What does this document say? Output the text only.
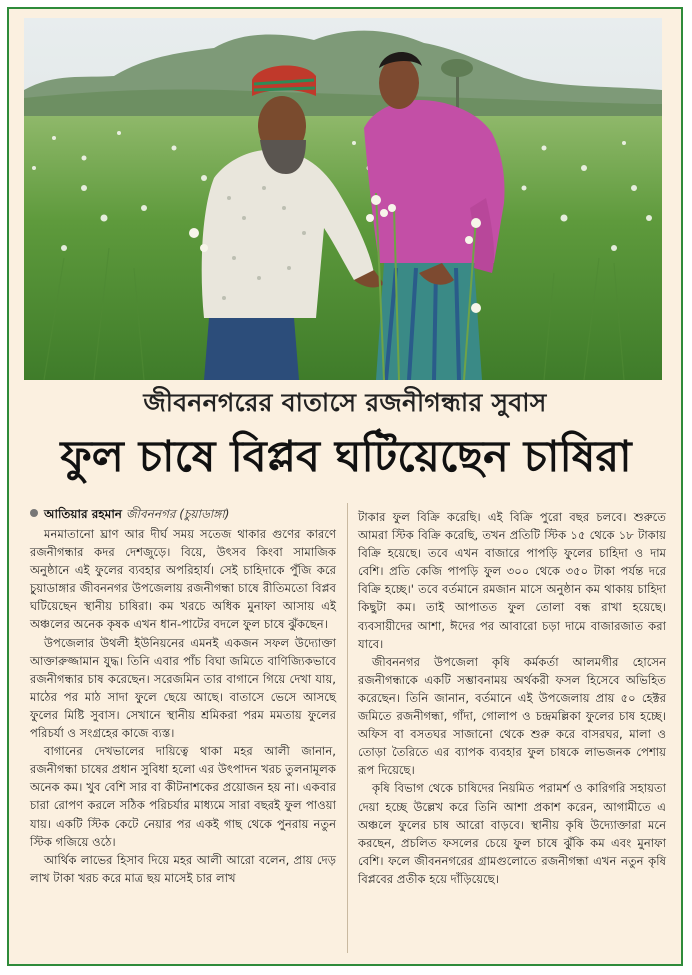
জীবননগরের বাতাসে রজনীগন্ধার সুবাস
ফুল চাষে বিপ্লব ঘটিয়েছেন চাষিরা
আতিয়ার রহমান জীবননগর (চুয়াডাঙ্গা)

মনমাতানো ঘ্রাণ আর দীর্ঘ সময় সতেজ থাকার গুণের কারণে রজনীগন্ধার কদর দেশজুড়ে। বিয়ে, উৎসব কিংবা সামাজিক অনুষ্ঠানে এই ফুলের ব্যবহার অপরিহার্য। সেই চাহিদাকে পুঁজি করে চুয়াডাঙ্গার জীবননগর উপজেলায় রজনীগন্ধা চাষে রীতিমতো বিপ্লব ঘটিয়েছেন স্থানীয় চাষিরা। কম খরচে অধিক মুনাফা আসায় এই অঞ্চলের অনেক কৃষক এখন ধান-পাটের বদলে ফুল চাষে ঝুঁকছেন।

উপজেলার উথলী ইউনিয়নের এমনই একজন সফল উদ্যোক্তা আক্তারুজ্জামান যুদ্ধ। তিনি এবার পাঁচ বিঘা জমিতে বাণিজ্যিকভাবে রজনীগন্ধার চাষ করেছেন। সরেজমিন তার বাগানে গিয়ে দেখা যায়, মাঠের পর মাঠ সাদা ফুলে ছেয়ে আছে। বাতাসে ভেসে আসছে ফুলের মিষ্টি সুবাস। সেখানে স্থানীয় শ্রমিকরা পরম মমতায় ফুলের পরিচর্যা ও সংগ্রহের কাজে ব্যস্ত।

বাগানের দেখভালের দায়িত্বে থাকা মহর আলী জানান, রজনীগন্ধা চাষের প্রধান সুবিধা হলো এর উৎপাদন খরচ তুলনামূলক অনেক কম। খুব বেশি সার বা কীটনাশকের প্রয়োজন হয় না। একবার চারা রোপণ করলে সঠিক পরিচর্যার মাধ্যমে সারা বছরই ফুল পাওয়া যায়। একটি স্টিক কেটে নেয়ার পর একই গাছ থেকে পুনরায় নতুন স্টিক গজিয়ে ওঠে।

আর্থিক লাভের হিসাব দিয়ে মহর আলী আরো বলেন, প্রায় দেড় লাখ টাকা খরচ করে মাত্র ছয় মাসেই চার লাখ

টাকার ফুল বিক্রি করেছি। এই বিক্রি পুরো বছর চলবে। শুরুতে আমরা স্টিক বিক্রি করেছি, তখন প্রতিটি স্টিক ১৫ থেকে ১৮ টাকায় বিক্রি হয়েছে। তবে এখন বাজারে পাপড়ি ফুলের চাহিদা ও দাম বেশি। প্রতি কেজি পাপড়ি ফুল ৩০০ থেকে ৩৫০ টাকা পর্যন্ত দরে বিক্রি হচ্ছে।' তবে বর্তমানে রমজান মাসে অনুষ্ঠান কম থাকায় চাহিদা কিছুটা কম। তাই আপাতত ফুল তোলা বন্ধ রাখা হয়েছে। ব্যবসায়ীদের আশা, ঈদের পর আবারো চড়া দামে বাজারজাত করা যাবে।

জীবননগর উপজেলা কৃষি কর্মকর্তা আলমগীর হোসেন রজনীগন্ধাকে একটি সম্ভাবনাময় অর্থকরী ফসল হিসেবে অভিহিত করেছেন। তিনি জানান, বর্তমানে এই উপজেলায় প্রায় ৫০ হেক্টর জমিতে রজনীগন্ধা, গাঁদা, গোলাপ ও চন্দ্রমল্লিকা ফুলের চাষ হচ্ছে। অফিস বা বসতঘর সাজানো থেকে শুরু করে বাসরঘর, মালা ও তোড়া তৈরিতে এর ব্যাপক ব্যবহার ফুল চাষকে লাভজনক পেশায় রূপ দিয়েছে।

কৃষি বিভাগ থেকে চাষিদের নিয়মিত পরামর্শ ও কারিগরি সহায়তা দেয়া হচ্ছে উল্লেখ করে তিনি আশা প্রকাশ করেন, আগামীতে এ অঞ্চলে ফুলের চাষ আরো বাড়বে। স্থানীয় কৃষি উদ্যোক্তারা মনে করছেন, প্রচলিত ফসলের চেয়ে ফুল চাষে ঝুঁকি কম এবং মুনাফা বেশি। ফলে জীবননগরের গ্রামগুলোতে রজনীগন্ধা এখন নতুন কৃষি বিপ্লবের প্রতীক হয়ে দাঁড়িয়েছে।
